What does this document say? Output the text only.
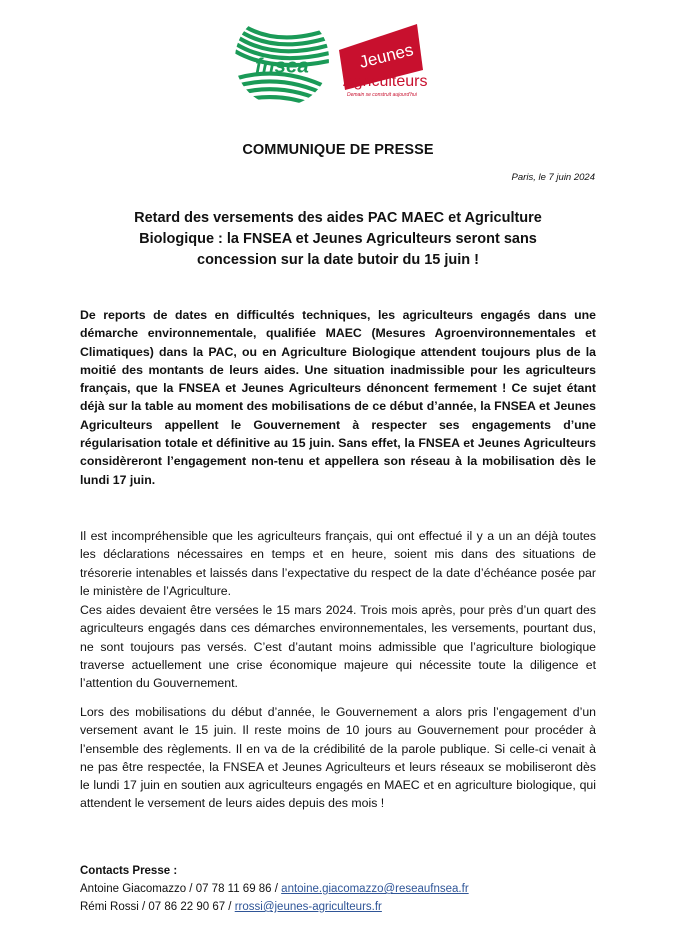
fnsea	Jeunes
Agriculteurs
Demain se construit aujourd'hui
COMMUNIQUE DE PRESSE
Paris, le 7 juin 2024
Retard des versements des aides PAC MAEC et Agriculture Biologique : la FNSEA et Jeunes Agriculteurs seront sans concession sur la date butoir du 15 juin !

De reports de dates en difficultés techniques, les agriculteurs engagés dans une démarche environnementale, qualifiée MAEC (Mesures Agroenvironnementales et Climatiques) dans la PAC, ou en Agriculture Biologique attendent toujours plus de la moitié des montants de leurs aides. Une situation inadmissible pour les agriculteurs français, que la FNSEA et Jeunes Agriculteurs dénoncent fermement ! Ce sujet étant déjà sur la table au moment des mobilisations de ce début d’année, la FNSEA et Jeunes Agriculteurs appellent le Gouvernement à respecter ses engagements d’une régularisation totale et définitive au 15 juin. Sans effet, la FNSEA et Jeunes Agriculteurs considèreront l’engagement non-tenu et appellera son réseau à la mobilisation dès le lundi 17 juin.

Il est incompréhensible que les agriculteurs français, qui ont effectué il y a un an déjà toutes les déclarations nécessaires en temps et en heure, soient mis dans des situations de trésorerie intenables et laissés dans l’expectative du respect de la date d’échéance posée par le ministère de l’Agriculture.

Ces aides devaient être versées le 15 mars 2024. Trois mois après, pour près d’un quart des agriculteurs engagés dans ces démarches environnementales, les versements, pourtant dus, ne sont toujours pas versés. C’est d’autant moins admissible que l’agriculture biologique traverse actuellement une crise économique majeure qui nécessite toute la diligence et l’attention du Gouvernement.

Lors des mobilisations du début d’année, le Gouvernement a alors pris l’engagement d’un versement avant le 15 juin. Il reste moins de 10 jours au Gouvernement pour procéder à l’ensemble des règlements. Il en va de la crédibilité de la parole publique. Si celle-ci venait à ne pas être respectée, la FNSEA et Jeunes Agriculteurs et leurs réseaux se mobiliseront dès le lundi 17 juin en soutien aux agriculteurs engagés en MAEC et en agriculture biologique, qui attendent le versement de leurs aides depuis des mois !

Contacts Presse :
Antoine Giacomazzo / 07 78 11 69 86 / antoine.giacomazzo@reseaufnsea.fr
Rémi Rossi / 07 86 22 90 67 / rrossi@jeunes-agriculteurs.fr
